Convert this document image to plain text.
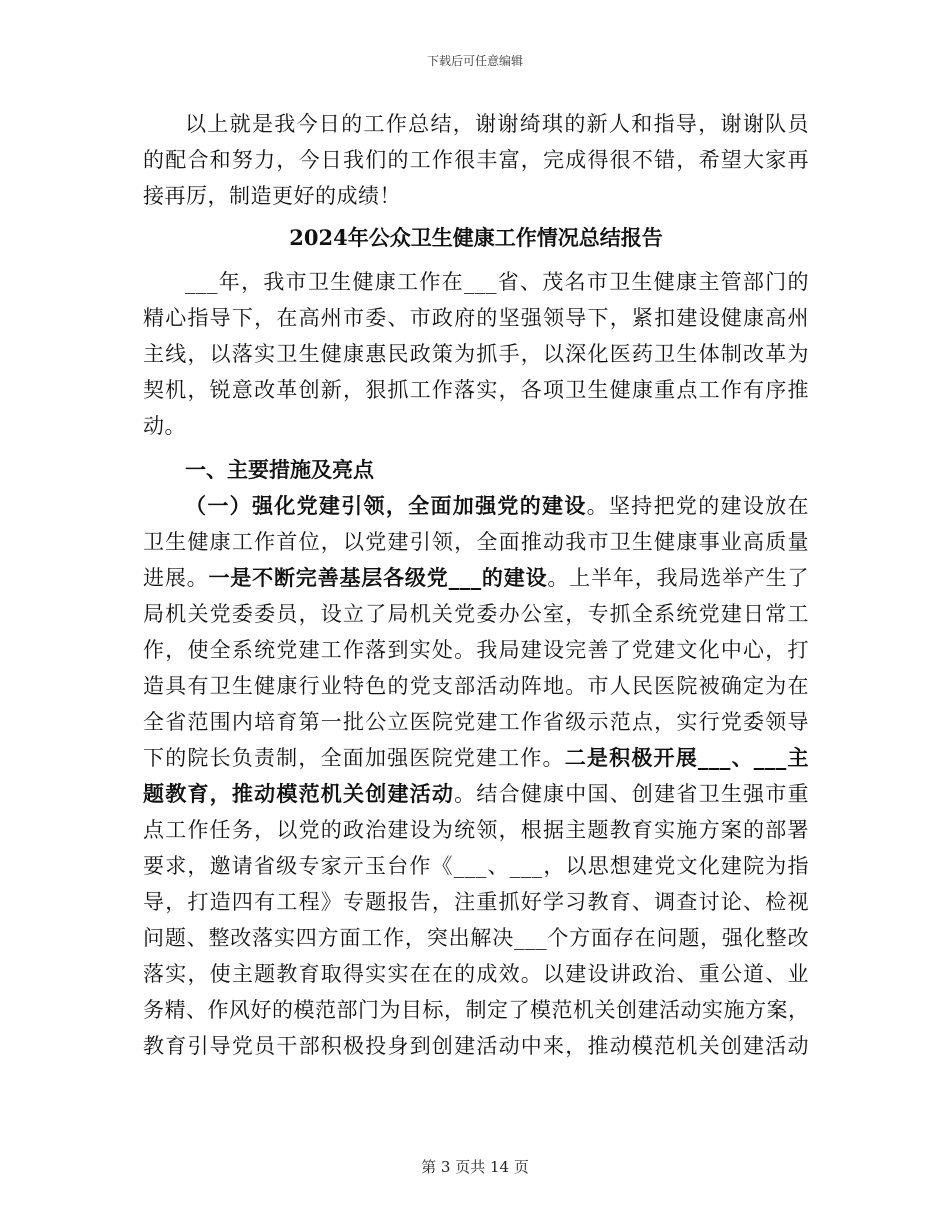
下载后可任意编辑
以上就是我今日的工作总结，谢谢绮琪的新人和指导，谢谢队员
的配合和努力，今日我们的工作很丰富，完成得很不错，希望大家再
接再厉，制造更好的成绩！
2024年公众卫生健康工作情况总结报告
___年，我市卫生健康工作在___省、茂名市卫生健康主管部门的
精心指导下，在高州市委、市政府的坚强领导下，紧扣建设健康高州
主线，以落实卫生健康惠民政策为抓手，以深化医药卫生体制改革为
契机，锐意改革创新，狠抓工作落实，各项卫生健康重点工作有序推
动。
一、主要措施及亮点
（一）强化党建引领，全面加强党的建设。坚持把党的建设放在
卫生健康工作首位，以党建引领，全面推动我市卫生健康事业高质量
进展。一是不断完善基层各级党___的建设。上半年，我局选举产生了
局机关党委委员，设立了局机关党委办公室，专抓全系统党建日常工
作，使全系统党建工作落到实处。我局建设完善了党建文化中心，打
造具有卫生健康行业特色的党支部活动阵地。市人民医院被确定为在
全省范围内培育第一批公立医院党建工作省级示范点，实行党委领导
下的院长负责制，全面加强医院党建工作。二是积极开展___、___主
题教育，推动模范机关创建活动。结合健康中国、创建省卫生强市重
点工作任务，以党的政治建设为统领，根据主题教育实施方案的部署
要求，邀请省级专家亓玉台作《___、___，以思想建党文化建院为指
导，打造四有工程》专题报告，注重抓好学习教育、调查讨论、检视
问题、整改落实四方面工作，突出解决___个方面存在问题，强化整改
落实，使主题教育取得实实在在的成效。以建设讲政治、重公道、业
务精、作风好的模范部门为目标，制定了模范机关创建活动实施方案，
教育引导党员干部积极投身到创建活动中来，推动模范机关创建活动
第 3 页共 14 页
